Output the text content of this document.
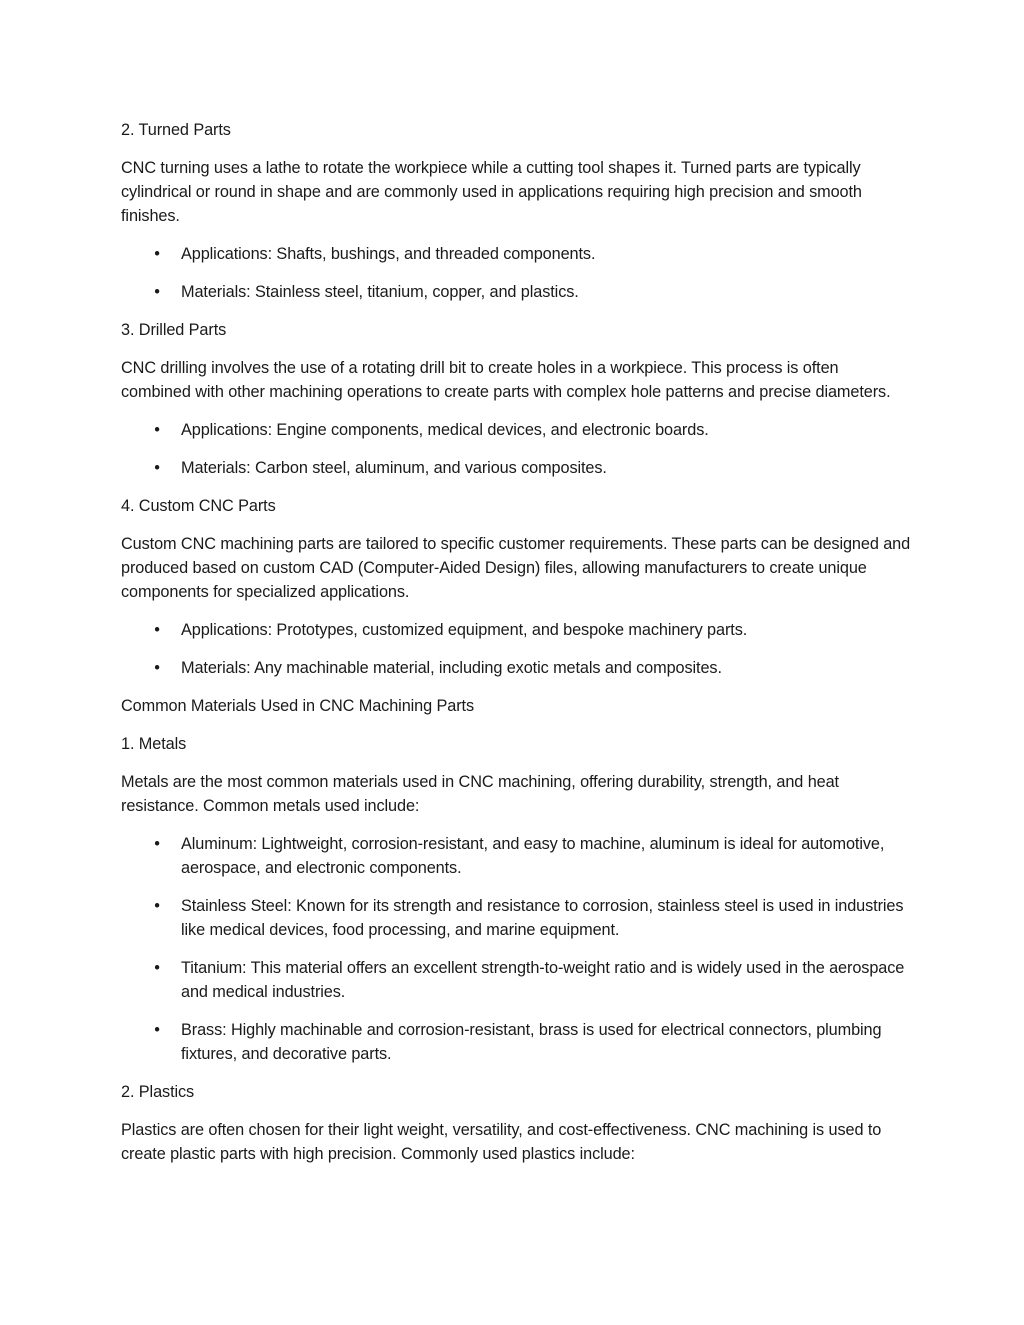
2. Turned Parts

CNC turning uses a lathe to rotate the workpiece while a cutting tool shapes it. Turned parts are typically cylindrical or round in shape and are commonly used in applications requiring high precision and smooth finishes.

• Applications: Shafts, bushings, and threaded components.
• Materials: Stainless steel, titanium, copper, and plastics.

3. Drilled Parts

CNC drilling involves the use of a rotating drill bit to create holes in a workpiece. This process is often combined with other machining operations to create parts with complex hole patterns and precise diameters.

• Applications: Engine components, medical devices, and electronic boards.
• Materials: Carbon steel, aluminum, and various composites.

4. Custom CNC Parts

Custom CNC machining parts are tailored to specific customer requirements. These parts can be designed and produced based on custom CAD (Computer-Aided Design) files, allowing manufacturers to create unique components for specialized applications.

• Applications: Prototypes, customized equipment, and bespoke machinery parts.
• Materials: Any machinable material, including exotic metals and composites.

Common Materials Used in CNC Machining Parts

1. Metals

Metals are the most common materials used in CNC machining, offering durability, strength, and heat resistance. Common metals used include:

• Aluminum: Lightweight, corrosion-resistant, and easy to machine, aluminum is ideal for automotive, aerospace, and electronic components.
• Stainless Steel: Known for its strength and resistance to corrosion, stainless steel is used in industries like medical devices, food processing, and marine equipment.
• Titanium: This material offers an excellent strength-to-weight ratio and is widely used in the aerospace and medical industries.
• Brass: Highly machinable and corrosion-resistant, brass is used for electrical connectors, plumbing fixtures, and decorative parts.

2. Plastics

Plastics are often chosen for their light weight, versatility, and cost-effectiveness. CNC machining is used to create plastic parts with high precision. Commonly used plastics include:
